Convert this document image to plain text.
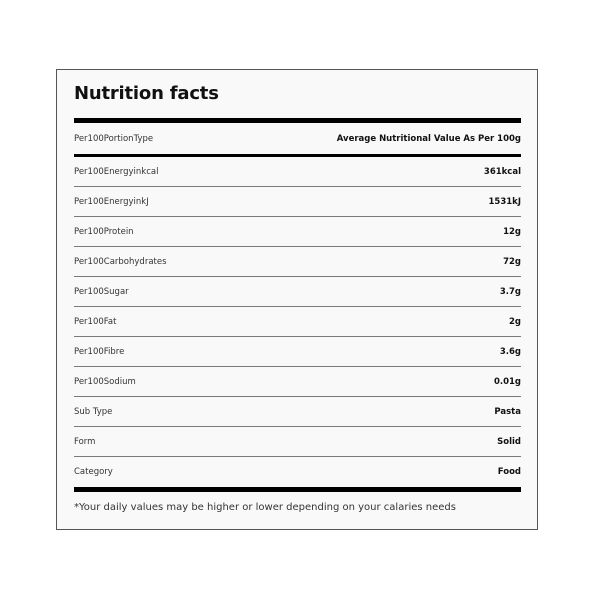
Nutrition facts
Per100PortionType	Average Nutritional Value As Per 100g
Per100Energyinkcal	361kcal
Per100EnergyinkJ	1531kJ
Per100Protein	12g
Per100Carbohydrates	72g
Per100Sugar	3.7g
Per100Fat	2g
Per100Fibre	3.6g
Per100Sodium	0.01g
Sub Type	Pasta
Form	Solid
Category	Food
*Your daily values may be higher or lower depending on your calaries needs
